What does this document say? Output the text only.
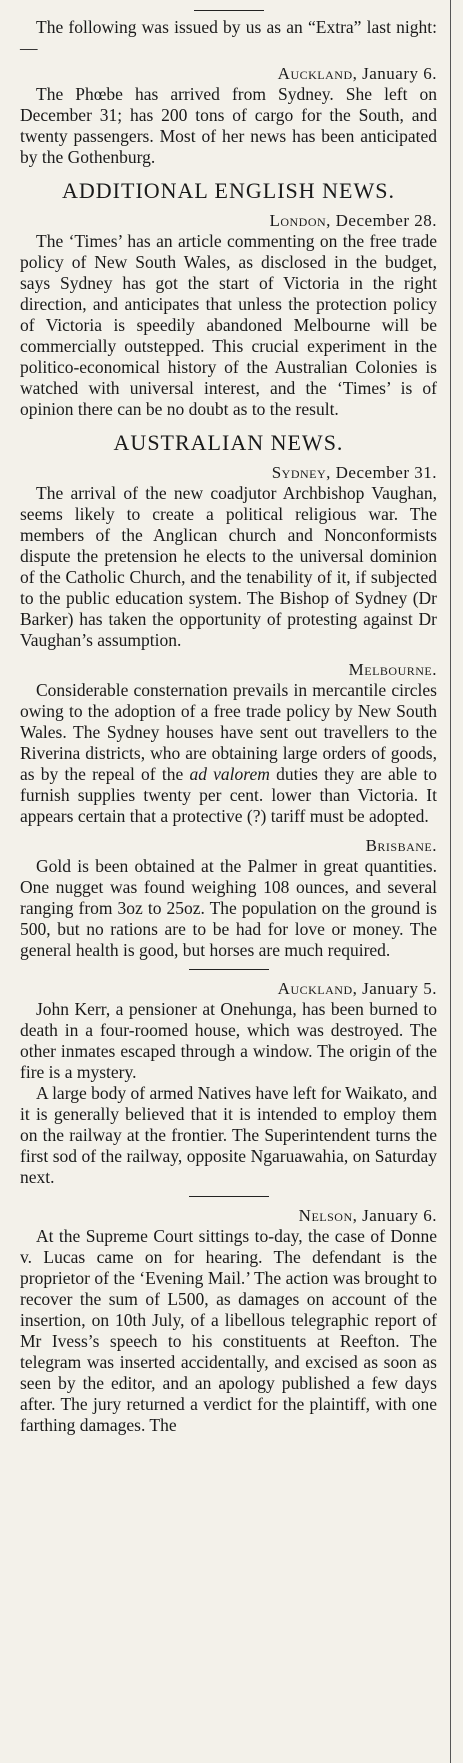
The following was issued by us as an “Extra” last night:—

Auckland, January 6.

The Phœbe has arrived from Sydney. She left on December 31; has 200 tons of cargo for the South, and twenty passengers. Most of her news has been anticipated by the Gothenburg.

ADDITIONAL ENGLISH NEWS.
London, December 28.

The ‘Times’ has an article commenting on the free trade policy of New South Wales, as disclosed in the budget, says Sydney has got the start of Victoria in the right direction, and anticipates that unless the protection policy of Victoria is speedily abandoned Melbourne will be commercially outstepped. This crucial experiment in the politico-economical history of the Australian Colonies is watched with universal interest, and the ‘Times’ is of opinion there can be no doubt as to the result.

AUSTRALIAN NEWS.
Sydney, December 31.

The arrival of the new coadjutor Archbishop Vaughan, seems likely to create a political religious war. The members of the Anglican church and Nonconformists dispute the pretension he elects to the universal dominion of the Catholic Church, and the tenability of it, if subjected to the public education system. The Bishop of Sydney (Dr Barker) has taken the opportunity of protesting against Dr Vaughan’s assumption.

Melbourne.

Considerable consternation prevails in mercantile circles owing to the adoption of a free trade policy by New South Wales. The Sydney houses have sent out travellers to the Riverina districts, who are obtaining large orders of goods, as by the repeal of the ad valorem duties they are able to furnish supplies twenty per cent. lower than Victoria. It appears certain that a protective (?) tariff must be adopted.

Brisbane.

Gold is been obtained at the Palmer in great quantities. One nugget was found weighing 108 ounces, and several ranging from 3oz to 25oz. The population on the ground is 500, but no rations are to be had for love or money. The general health is good, but horses are much required.

Auckland, January 5.

John Kerr, a pensioner at Onehunga, has been burned to death in a four-roomed house, which was destroyed. The other inmates escaped through a window. The origin of the fire is a mystery.

A large body of armed Natives have left for Waikato, and it is generally believed that it is intended to employ them on the railway at the frontier. The Superintendent turns the first sod of the railway, opposite Ngaruawahia, on Saturday next.

Nelson, January 6.

At the Supreme Court sittings to-day, the case of Donne v. Lucas came on for hearing. The defendant is the proprietor of the ‘Evening Mail.’ The action was brought to recover the sum of L500, as damages on account of the insertion, on 10th July, of a libellous telegraphic report of Mr Ivess’s speech to his constituents at Reefton. The telegram was inserted accidentally, and excised as soon as seen by the editor, and an apology published a few days after. The jury returned a verdict for the plaintiff, with one farthing damages. The
